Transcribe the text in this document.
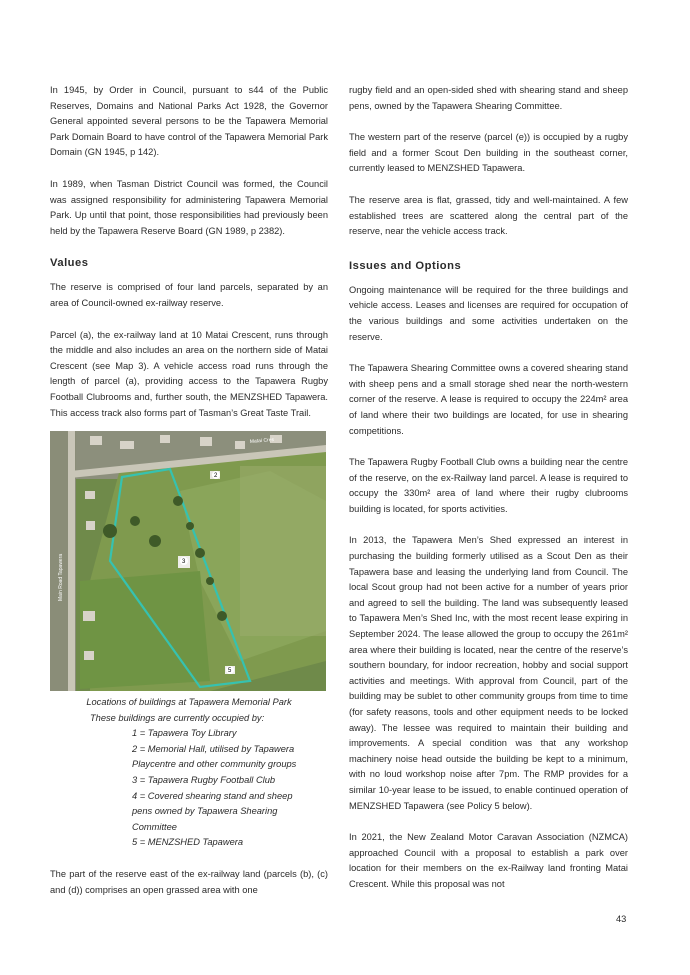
In 1945, by Order in Council, pursuant to s44 of the Public Reserves, Domains and National Parks Act 1928, the Governor General appointed several persons to be the Tapawera Memorial Park Domain Board to have control of the Tapawera Memorial Park Domain (GN 1945, p 142).

In 1989, when Tasman District Council was formed, the Council was assigned responsibility for administering Tapawera Memorial Park. Up until that point, those responsibilities had previously been held by the Tapawera Reserve Board (GN 1989, p 2382).

Values

The reserve is comprised of four land parcels, separated by an area of Council-owned ex-railway reserve.

Parcel (a), the ex-railway land at 10 Matai Crescent, runs through the middle and also includes an area on the northern side of Matai Crescent (see Map 3). A vehicle access road runs through the length of parcel (a), providing access to the Tapawera Rugby Football Clubrooms and, further south, the MENZSHED Tapawera. This access track also forms part of Tasman’s Great Taste Trail.

Matai Cres
Main Road Tapawera
2
3
5
Locations of buildings at Tapawera Memorial Park
These buildings are currently occupied by:
1 = Tapawera Toy Library
2 = Memorial Hall, utilised by Tapawera
Playcentre and other community groups
3 = Tapawera Rugby Football Club
4 = Covered shearing stand and sheep
pens owned by Tapawera Shearing
Committee
5 = MENZSHED Tapawera

The part of the reserve east of the ex-railway land (parcels (b), (c) and (d)) comprises an open grassed area with one

rugby field and an open-sided shed with shearing stand and sheep pens, owned by the Tapawera Shearing Committee.

The western part of the reserve (parcel (e)) is occupied by a rugby field and a former Scout Den building in the southeast corner, currently leased to MENZSHED Tapawera.

The reserve area is flat, grassed, tidy and well-maintained. A few established trees are scattered along the central part of the reserve, near the vehicle access track.

Issues and Options

Ongoing maintenance will be required for the three buildings and vehicle access. Leases and licenses are required for occupation of the various buildings and some activities undertaken on the reserve.

The Tapawera Shearing Committee owns a covered shearing stand with sheep pens and a small storage shed near the north-western corner of the reserve. A lease is required to occupy the 224m² area of land where their two buildings are located, for use in shearing competitions.

The Tapawera Rugby Football Club owns a building near the centre of the reserve, on the ex-Railway land parcel. A lease is required to occupy the 330m² area of land where their rugby clubrooms building is located, for sports activities.

In 2013, the Tapawera Men’s Shed expressed an interest in purchasing the building formerly utilised as a Scout Den as their Tapawera base and leasing the underlying land from Council. The local Scout group had not been active for a number of years prior and agreed to sell the building. The land was subsequently leased to Tapawera Men’s Shed Inc, with the most recent lease expiring in September 2024. The lease allowed the group to occupy the 261m² area where their building is located, near the centre of the reserve’s southern boundary, for indoor recreation, hobby and social support activities and meetings. With approval from Council, part of the building may be sublet to other community groups from time to time (for safety reasons, tools and other equipment needs to be locked away). The lessee was required to maintain their building and improvements. A special condition was that any workshop machinery noise head outside the building be kept to a minimum, with no loud workshop noise after 7pm. The RMP provides for a similar 10-year lease to be issued, to enable continued operation of MENZSHED Tapawera (see Policy 5 below).

In 2021, the New Zealand Motor Caravan Association (NZMCA) approached Council with a proposal to establish a park over location for their members on the ex-Railway land fronting Matai Crescent. While this proposal was not

43
